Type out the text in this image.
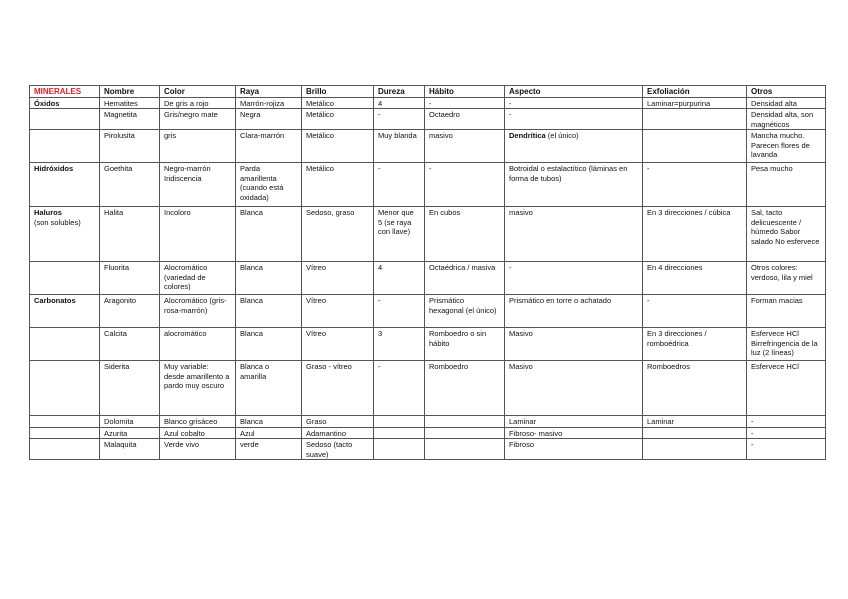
MINERALES	Nombre	Color	Raya	Brillo	Dureza	Hábito	Aspecto	Exfoliación	Otros
Óxidos	Hematites	De gris a rojo	Marrón-rojiza	Metálico	4	-	-	Laminar=purpurina	Densidad alta

	Magnetita	Gris/negro mate	Negra	Metálico	-	Octaedro	-		Densidad alta, son magnéticos

	Pirolusita	gris	Clara-marrón	Metálico	Muy blanda	masivo	Dendrítica (el único)		Mancha mucho. Parecen flores de lavanda
Hidróxidos	Goethita	Negro-marrón Iridiscencia	Parda amarillenta (cuando está oxidada)	Metálico	-	-	Botroidal o estalactítico (láminas en forma de tubos)	-	Pesa mucho
Haluros
(son solubles)	Halita	Incoloro	Blanca	Sedoso, graso	Menor que 5 (se raya con llave)	En cubos	masivo	En 3 direcciones / cúbica	Sal, tacto delicuescente / húmedo Sabor salado No esfervece

	Fluorita	Alocromático (variedad de colores)	Blanca	Vítreo	4	Octaédrica / masiva	-	En 4 direcciones	Otros colores: verdoso, lila y miel
Carbonatos	Aragonito	Alocromático (gris-rosa-marrón)	Blanca	Vítreo	-	Prismático hexagonal (el único)	Prismático en torre o achatado	-	Forman macias

	Calcita	alocromático	Blanca	Vítreo	3	Romboedro o sin hábito	Masivo	En 3 direcciones / romboédrica	Esfervece HCl Birrefringencia de la luz (2 líneas)

	Siderita	Muy variable: desde amarillento a pardo muy oscuro	Blanca o amarilla	Graso - vítreo	-	Romboedro	Masivo	Romboedros	Esfervece HCl

	Dolomita	Blanco grisáceo	Blanca	Graso			Laminar	Laminar	-

	Azurita	Azul cobalto	Azul	Adamantino			Fibroso- masivo		-

	Malaquita	Verde vivo	verde	Sedoso (tacto suave)			Fibroso		-
